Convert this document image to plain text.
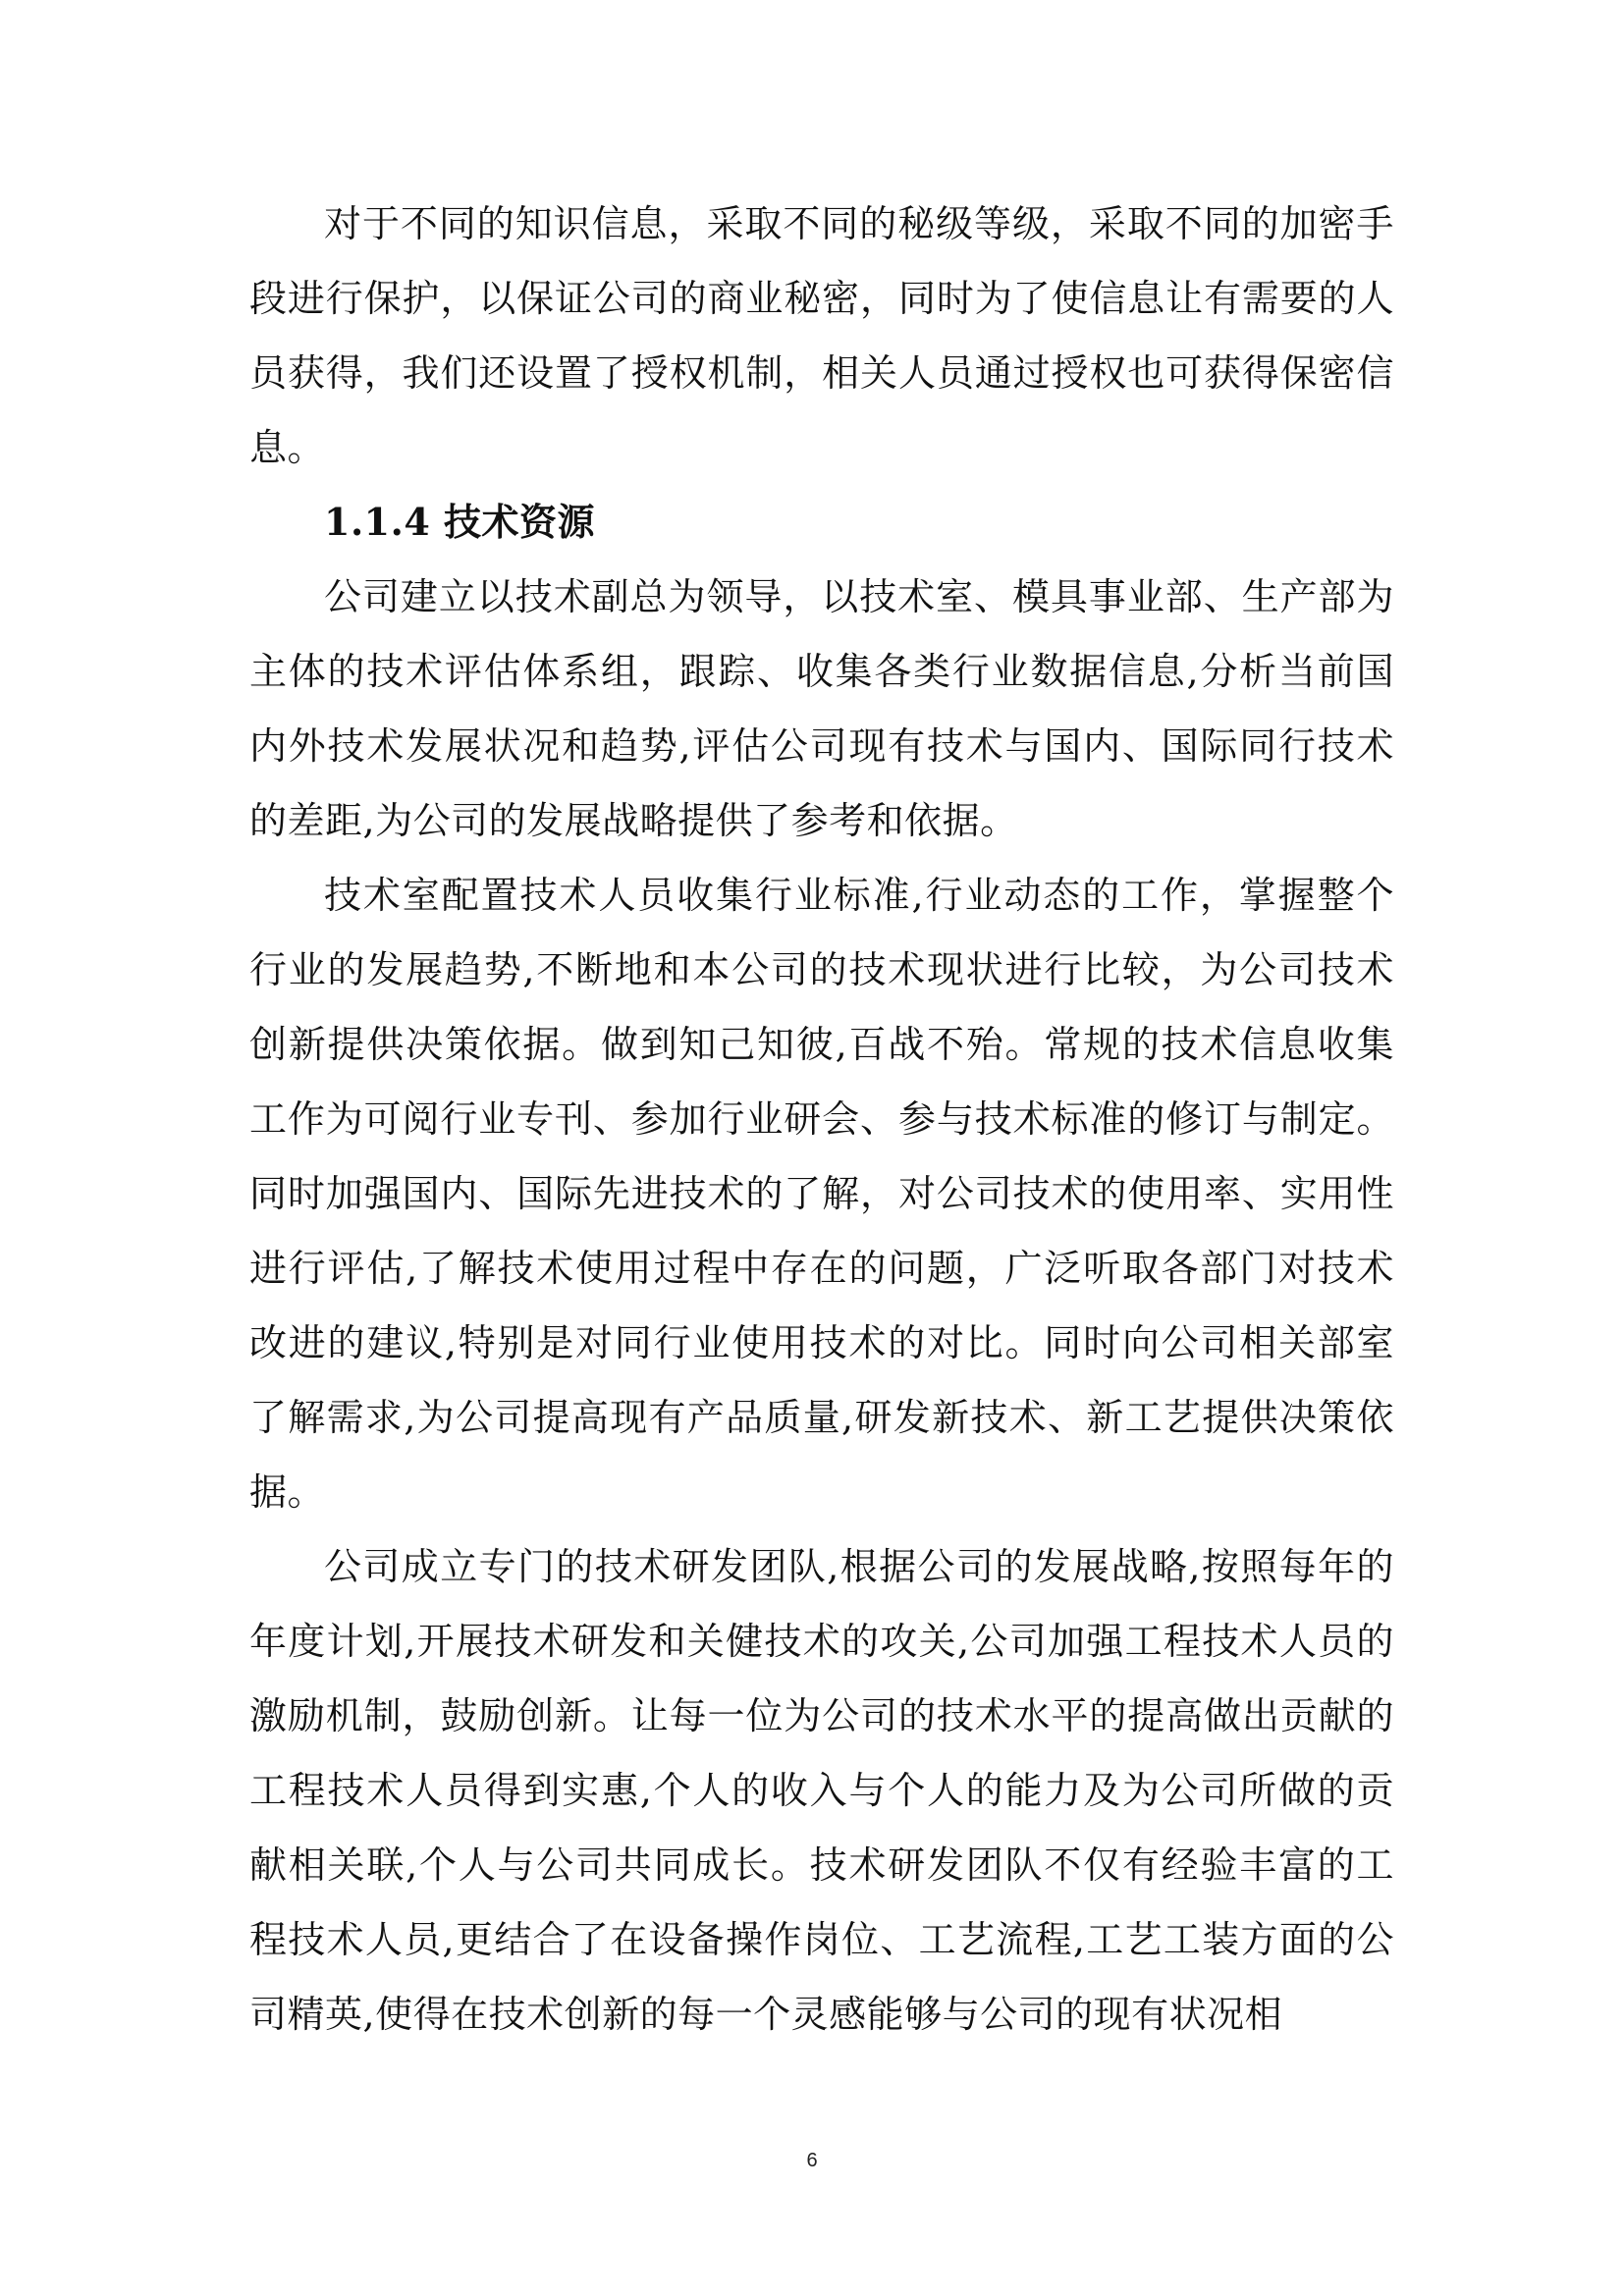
对于不同的知识信息，采取不同的秘级等级，采取不同的加密手段进行保护，以保证公司的商业秘密，同时为了使信息让有需要的人员获得，我们还设置了授权机制，相关人员通过授权也可获得保密信息。

1.1.4 技术资源

公司建立以技术副总为领导，以技术室、模具事业部、生产部为主体的技术评估体系组，跟踪、收集各类行业数据信息,分析当前国内外技术发展状况和趋势,评估公司现有技术与国内、国际同行技术的差距,为公司的发展战略提供了参考和依据。

技术室配置技术人员收集行业标准,行业动态的工作，掌握整个行业的发展趋势,不断地和本公司的技术现状进行比较，为公司技术创新提供决策依据。做到知己知彼,百战不殆。常规的技术信息收集工作为可阅行业专刊、参加行业研会、参与技术标准的修订与制定。同时加强国内、国际先进技术的了解，对公司技术的使用率、实用性进行评估,了解技术使用过程中存在的问题，广泛听取各部门对技术改进的建议,特别是对同行业使用技术的对比。同时向公司相关部室了解需求,为公司提高现有产品质量,研发新技术、新工艺提供决策依据。

公司成立专门的技术研发团队,根据公司的发展战略,按照每年的年度计划,开展技术研发和关健技术的攻关,公司加强工程技术人员的激励机制，鼓励创新。让每一位为公司的技术水平的提高做出贡献的工程技术人员得到实惠,个人的收入与个人的能力及为公司所做的贡献相关联,个人与公司共同成长。技术研发团队不仅有经验丰富的工程技术人员,更结合了在设备操作岗位、工艺流程,工艺工装方面的公司精英,使得在技术创新的每一个灵感能够与公司的现有状况相

6
